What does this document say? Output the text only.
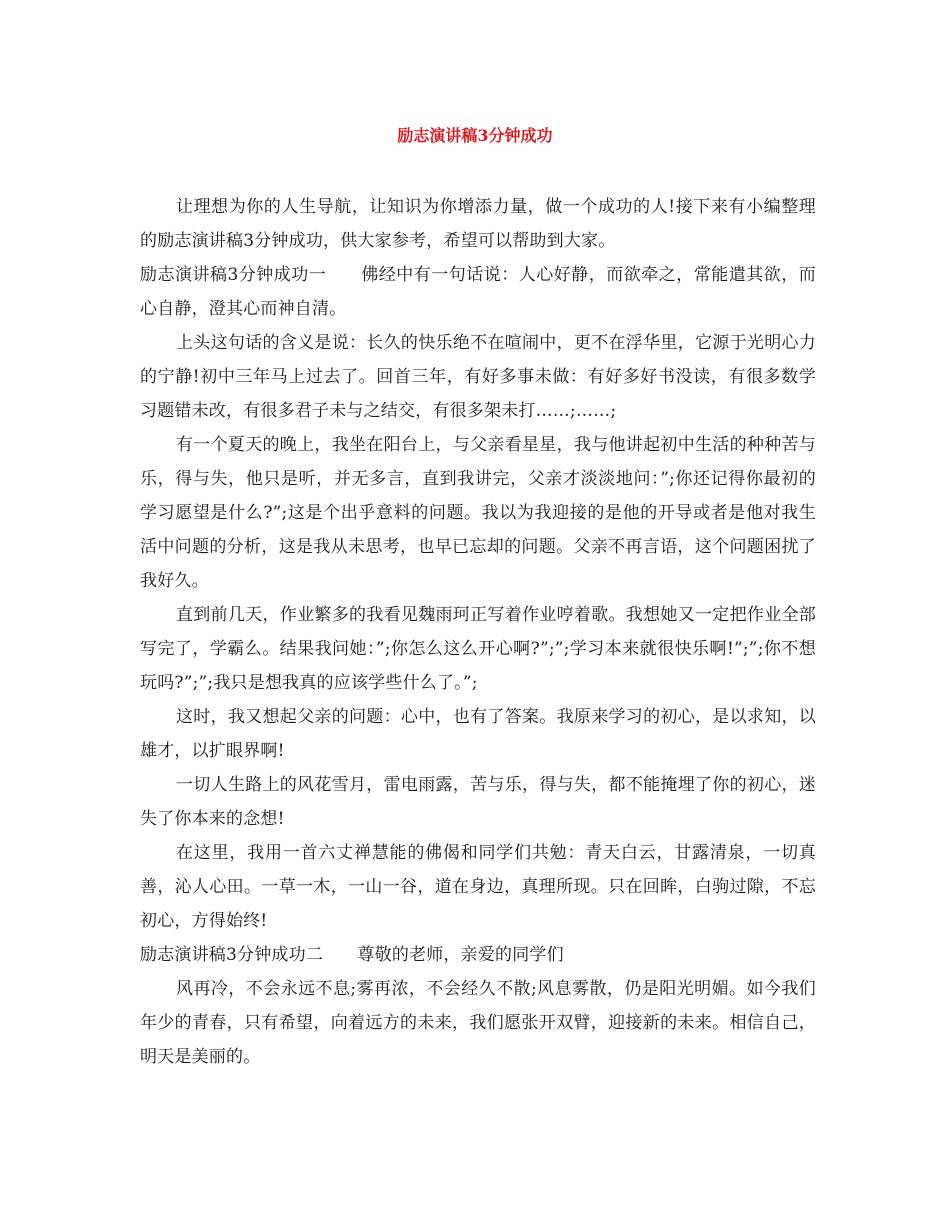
励志演讲稿3分钟成功

让理想为你的人生导航，让知识为你增添力量，做一个成功的人!接下来有小编整理的励志演讲稿3分钟成功，供大家参考，希望可以帮助到大家。

励志演讲稿3分钟成功一　　佛经中有一句话说：人心好静，而欲牵之，常能遣其欲，而心自静，澄其心而神自清。

上头这句话的含义是说：长久的快乐绝不在喧闹中，更不在浮华里，它源于光明心力的宁静!初中三年马上过去了。回首三年，有好多事未做：有好多好书没读，有很多数学习题错未改，有很多君子未与之结交，有很多架未打……;……;

有一个夏天的晚上，我坐在阳台上，与父亲看星星，我与他讲起初中生活的种种苦与乐，得与失，他只是听，并无多言，直到我讲完，父亲才淡淡地问：”;你还记得你最初的学习愿望是什么?”;这是个出乎意料的问题。我以为我迎接的是他的开导或者是他对我生活中问题的分析，这是我从未思考，也早已忘却的问题。父亲不再言语，这个问题困扰了我好久。

直到前几天，作业繁多的我看见魏雨珂正写着作业哼着歌。我想她又一定把作业全部写完了，学霸么。结果我问她：”;你怎么这么开心啊?”;”;学习本来就很快乐啊!”;”;你不想玩吗?”;”;我只是想我真的应该学些什么了。”;

这时，我又想起父亲的问题：心中，也有了答案。我原来学习的初心，是以求知，以雄才，以扩眼界啊!

一切人生路上的风花雪月，雷电雨露，苦与乐，得与失，都不能掩埋了你的初心，迷失了你本来的念想!

在这里，我用一首六丈禅慧能的佛偈和同学们共勉：青天白云，甘露清泉，一切真善，沁人心田。一草一木，一山一谷，道在身边，真理所现。只在回眸，白驹过隙，不忘初心，方得始终!

励志演讲稿3分钟成功二　　尊敬的老师，亲爱的同学们

风再冷，不会永远不息;雾再浓，不会经久不散;风息雾散，仍是阳光明媚。如今我们年少的青春，只有希望，向着远方的未来，我们愿张开双臂，迎接新的未来。相信自己，明天是美丽的。
